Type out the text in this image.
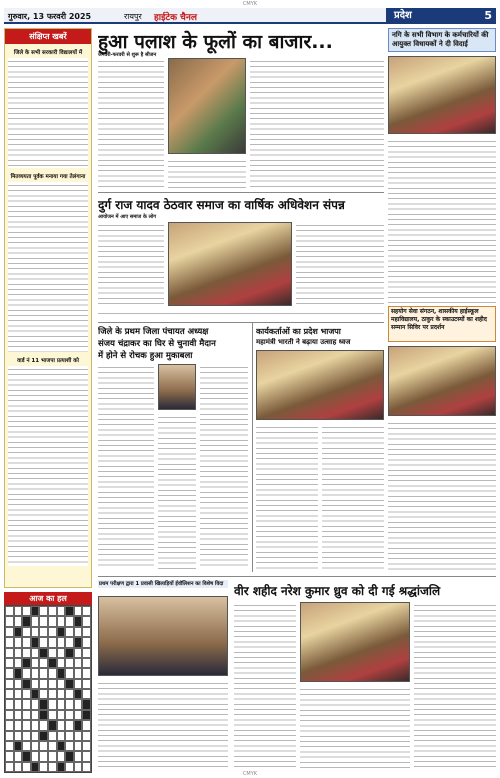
CMYK
गुरुवार, 13 फरवरी 2025	रायपुर हाईटेक चैनल	प्रदेश	5
संक्षिप्त खबरें
जिले के सभी सरकारी विद्यालयों में
मितव्ययता पूर्वक मनाया गया तेलंगाना
वार्ड नं 11 भाजपा प्रत्याशी को
आज का हल
हुआ पलाश के फूलों का बाजार...	नगि के सभी विभाग के कर्मचारियों की आयुक्त विधायकों ने दी विदाई
जनवरी-फरवरी से शुरू है सीजन
दुर्ग राज यादव ठेठवार समाज का वार्षिक अधिवेशन संपन्न
आयोजन में आए समाज के लोग
सहयोग सेवा संगठन, शासकीय हाईस्कूल महाविद्यालय, ठाकुर के स्काउटस्यों का शहीद सम्मान सिविर पर प्रदर्शन
जिले के प्रथम जिला पंचायत अध्यक्ष
संजय चंद्राकर का घिर से चुनावी मैदान
में होने से रोचक हुआ मुकाबला
कार्यकर्ताओं का प्रदेश भाजपा
महामंत्री भारती ने बढ़ाया उत्साह ध्वज
प्रथम परीक्षण द्वारा 1 प्रवासी खिलाड़ियों ईवॉलिशन का विशेष विदा वीर शहीद नरेश कुमार ध्रुव को दी गई श्रद्धांजलि
CMYK
